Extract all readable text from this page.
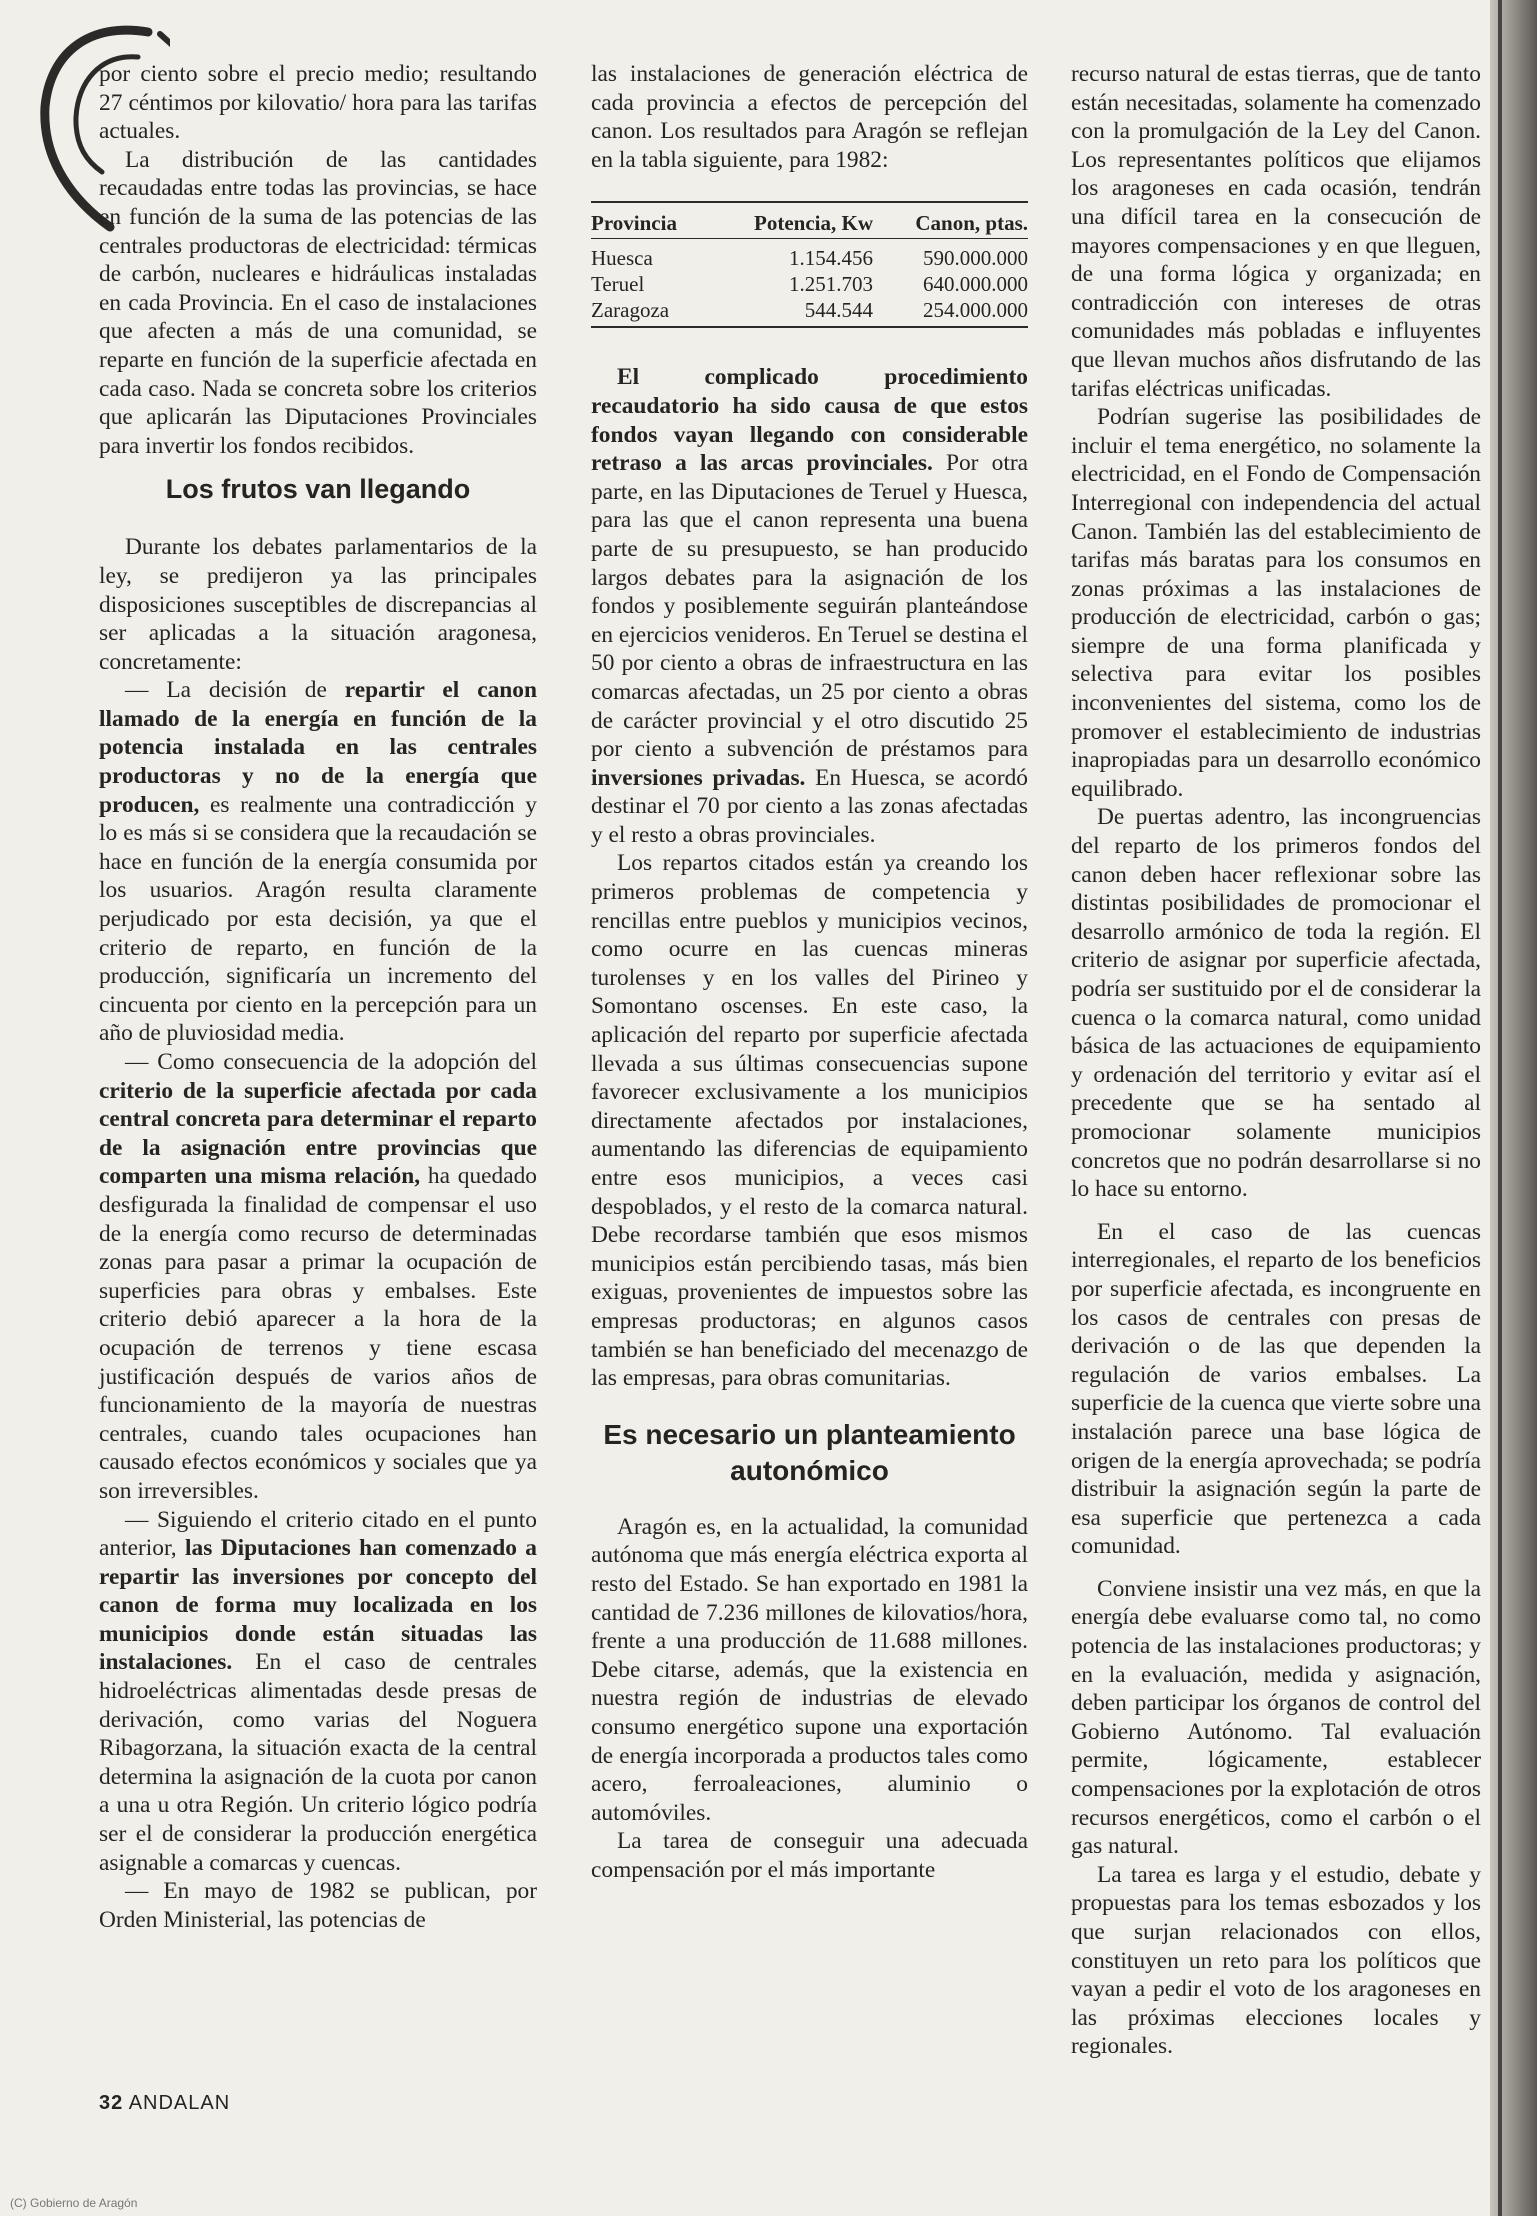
por ciento sobre el precio medio; resultando 27 céntimos por kilovatio/ hora para las tarifas actuales.

La distribución de las cantidades recaudadas entre todas las provincias, se hace en función de la suma de las potencias de las centrales productoras de electricidad: térmicas de carbón, nucleares e hidráulicas instaladas en cada Provincia. En el caso de instalaciones que afecten a más de una comunidad, se reparte en función de la superficie afectada en cada caso. Nada se concreta sobre los criterios que aplicarán las Diputaciones Provinciales para invertir los fondos recibidos.

Los frutos van llegando

Durante los debates parlamentarios de la ley, se predijeron ya las principales disposiciones susceptibles de discrepancias al ser aplicadas a la situación aragonesa, concretamente:

— La decisión de repartir el canon llamado de la energía en función de la potencia instalada en las centrales productoras y no de la energía que producen, es realmente una contradicción y lo es más si se considera que la recaudación se hace en función de la energía consumida por los usuarios. Aragón resulta claramente perjudicado por esta decisión, ya que el criterio de reparto, en función de la producción, significaría un incremento del cincuenta por ciento en la percepción para un año de pluviosidad media.

— Como consecuencia de la adopción del criterio de la superficie afectada por cada central concreta para determinar el reparto de la asignación entre provincias que comparten una misma relación, ha quedado desfigurada la finalidad de compensar el uso de la energía como recurso de determinadas zonas para pasar a primar la ocupación de superficies para obras y embalses. Este criterio debió aparecer a la hora de la ocupación de terrenos y tiene escasa justificación después de varios años de funcionamiento de la mayoría de nuestras centrales, cuando tales ocupaciones han causado efectos económicos y sociales que ya son irreversibles.

— Siguiendo el criterio citado en el punto anterior, las Diputaciones han comenzado a repartir las inversiones por concepto del canon de forma muy localizada en los municipios donde están situadas las instalaciones. En el caso de centrales hidroeléctricas alimentadas desde presas de derivación, como varias del Noguera Ribagorzana, la situación exacta de la central determina la asignación de la cuota por canon a una u otra Región. Un criterio lógico podría ser el de considerar la producción energética asignable a comarcas y cuencas.

— En mayo de 1982 se publican, por Orden Ministerial, las potencias de

las instalaciones de generación eléctrica de cada provincia a efectos de percepción del canon. Los resultados para Aragón se reflejan en la tabla siguiente, para 1982:

Provincia	Potencia, Kw	Canon, ptas.
Huesca	1.154.456	590.000.000
Teruel	1.251.703	640.000.000
Zaragoza	544.544	254.000.000

El complicado procedimiento recaudatorio ha sido causa de que estos fondos vayan llegando con considerable retraso a las arcas provinciales. Por otra parte, en las Diputaciones de Teruel y Huesca, para las que el canon representa una buena parte de su presupuesto, se han producido largos debates para la asignación de los fondos y posiblemente seguirán planteándose en ejercicios venideros. En Teruel se destina el 50 por ciento a obras de infraestructura en las comarcas afectadas, un 25 por ciento a obras de carácter provincial y el otro discutido 25 por ciento a subvención de préstamos para inversiones privadas. En Huesca, se acordó destinar el 70 por ciento a las zonas afectadas y el resto a obras provinciales.

Los repartos citados están ya creando los primeros problemas de competencia y rencillas entre pueblos y municipios vecinos, como ocurre en las cuencas mineras turolenses y en los valles del Pirineo y Somontano oscenses. En este caso, la aplicación del reparto por superficie afectada llevada a sus últimas consecuencias supone favorecer exclusivamente a los municipios directamente afectados por instalaciones, aumentando las diferencias de equipamiento entre esos municipios, a veces casi despoblados, y el resto de la comarca natural. Debe recordarse también que esos mismos municipios están percibiendo tasas, más bien exiguas, provenientes de impuestos sobre las empresas productoras; en algunos casos también se han beneficiado del mecenazgo de las empresas, para obras comunitarias.

Es necesario un planteamiento autonómico

Aragón es, en la actualidad, la comunidad autónoma que más energía eléctrica exporta al resto del Estado. Se han exportado en 1981 la cantidad de 7.236 millones de kilovatios/hora, frente a una producción de 11.688 millones. Debe citarse, además, que la existencia en nuestra región de industrias de elevado consumo energético supone una exportación de energía incorporada a productos tales como acero, ferroaleaciones, aluminio o automóviles.

La tarea de conseguir una adecuada compensación por el más importante

recurso natural de estas tierras, que de tanto están necesitadas, solamente ha comenzado con la promulgación de la Ley del Canon. Los representantes políticos que elijamos los aragoneses en cada ocasión, tendrán una difícil tarea en la consecución de mayores compensaciones y en que lleguen, de una forma lógica y organizada; en contradicción con intereses de otras comunidades más pobladas e influyentes que llevan muchos años disfrutando de las tarifas eléctricas unificadas.

Podrían sugerise las posibilidades de incluir el tema energético, no solamente la electricidad, en el Fondo de Compensación Interregional con independencia del actual Canon. También las del establecimiento de tarifas más baratas para los consumos en zonas próximas a las instalaciones de producción de electricidad, carbón o gas; siempre de una forma planificada y selectiva para evitar los posibles inconvenientes del sistema, como los de promover el establecimiento de industrias inapropiadas para un desarrollo económico equilibrado.

De puertas adentro, las incongruencias del reparto de los primeros fondos del canon deben hacer reflexionar sobre las distintas posibilidades de promocionar el desarrollo armónico de toda la región. El criterio de asignar por superficie afectada, podría ser sustituido por el de considerar la cuenca o la comarca natural, como unidad básica de las actuaciones de equipamiento y ordenación del territorio y evitar así el precedente que se ha sentado al promocionar solamente municipios concretos que no podrán desarrollarse si no lo hace su entorno.

En el caso de las cuencas interregionales, el reparto de los beneficios por superficie afectada, es incongruente en los casos de centrales con presas de derivación o de las que dependen la regulación de varios embalses. La superficie de la cuenca que vierte sobre una instalación parece una base lógica de origen de la energía aprovechada; se podría distribuir la asignación según la parte de esa superficie que pertenezca a cada comunidad.

Conviene insistir una vez más, en que la energía debe evaluarse como tal, no como potencia de las instalaciones productoras; y en la evaluación, medida y asignación, deben participar los órganos de control del Gobierno Autónomo. Tal evaluación permite, lógicamente, establecer compensaciones por la explotación de otros recursos energéticos, como el carbón o el gas natural.

La tarea es larga y el estudio, debate y propuestas para los temas esbozados y los que surjan relacionados con ellos, constituyen un reto para los políticos que vayan a pedir el voto de los aragoneses en las próximas elecciones locales y regionales.

32 ANDALAN
(C) Gobierno de Aragón
